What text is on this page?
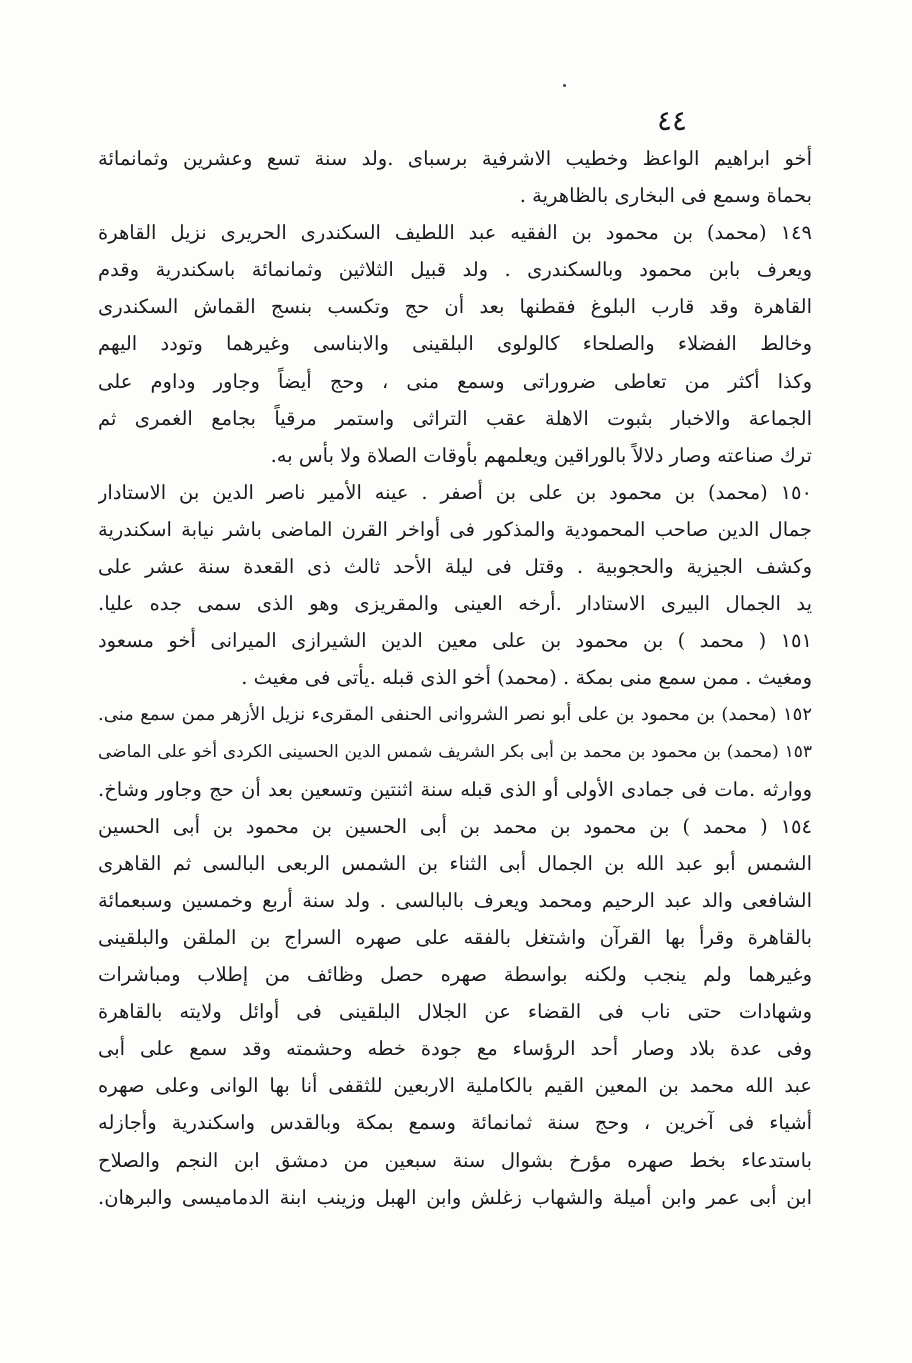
٤٤
أخو ابراهيم الواعظ وخطيب الاشرفية برسباى .ولد سنة تسع وعشرين وثمانمائة
بحماة وسمع فى البخارى بالظاهرية .
١٤٩ (محمد) بن محمود بن الفقيه عبد اللطيف السكندرى الحريرى نزيل القاهرة
ويعرف بابن محمود وبالسكندرى . ولد قبيل الثلاثين وثمانمائة باسكندرية وقدم
القاهرة وقد قارب البلوغ فقطنها بعد أن حج وتكسب بنسج القماش السكندرى
وخالط الفضلاء والصلحاء كالولوى البلقينى والابناسى وغيرهما وتودد اليهم
وكذا أكثر من تعاطى ضروراتى وسمع منى ، وحج أيضاً وجاور وداوم على
الجماعة والاخبار بثبوت الاهلة عقب التراثى واستمر مرقياً بجامع الغمرى ثم
ترك صناعته وصار دلالاً بالوراقين ويعلمهم بأوقات الصلاة ولا بأس به.
١٥٠ (محمد) بن محمود بن على بن أصفر . عينه الأمير ناصر الدين بن الاستادار
جمال الدين صاحب المحمودية والمذكور فى أواخر القرن الماضى باشر نيابة اسكندرية
وكشف الجيزية والحجوبية . وقتل فى ليلة الأحد ثالث ذى القعدة سنة عشر على
يد الجمال البيرى الاستادار .أرخه العينى والمقريزى وهو الذى سمى جده عليا.
١٥١ ( محمد ) بن محمود بن على معين الدين الشيرازى الميرانى أخو مسعود
ومغيث . ممن سمع منى بمكة . (محمد) أخو الذى قبله .يأتى فى مغيث .
١٥٢ (محمد) بن محمود بن على أبو نصر الشروانى الحنفى المقرىء نزيل الأزهر ممن سمع منى.
١٥٣ (محمد) بن محمود بن محمد بن أبى بكر الشريف شمس الدين الحسينى الكردى أخو على الماضى
ووارثه .مات فى جمادى الأولى أو الذى قبله سنة اثنتين وتسعين بعد أن حج وجاور وشاخ.
١٥٤ ( محمد ) بن محمود بن محمد بن أبى الحسين بن محمود بن أبى الحسين
الشمس أبو عبد الله بن الجمال أبى الثناء بن الشمس الربعى البالسى ثم القاهرى
الشافعى والد عبد الرحيم ومحمد ويعرف بالبالسى . ولد سنة أربع وخمسين وسبعمائة
بالقاهرة وقرأ بها القرآن واشتغل بالفقه على صهره السراج بن الملقن والبلقينى
وغيرهما ولم ينجب ولكنه بواسطة صهره حصل وظائف من إطلاب ومباشرات
وشهادات حتى ناب فى القضاء عن الجلال البلقينى فى أوائل ولايته بالقاهرة
وفى عدة بلاد وصار أحد الرؤساء مع جودة خطه وحشمته وقد سمع على أبى
عبد الله محمد بن المعين القيم بالكاملية الاربعين للثقفى أنا بها الوانى وعلى صهره
أشياء فى آخرين ، وحج سنة ثمانمائة وسمع بمكة وبالقدس واسكندرية وأجازله
باستدعاء بخط صهره مؤرخ بشوال سنة سبعين من دمشق ابن النجم والصلاح
ابن أبى عمر وابن أميلة والشهاب زغلش وابن الهبل وزينب ابنة الدماميسى والبرهان.
